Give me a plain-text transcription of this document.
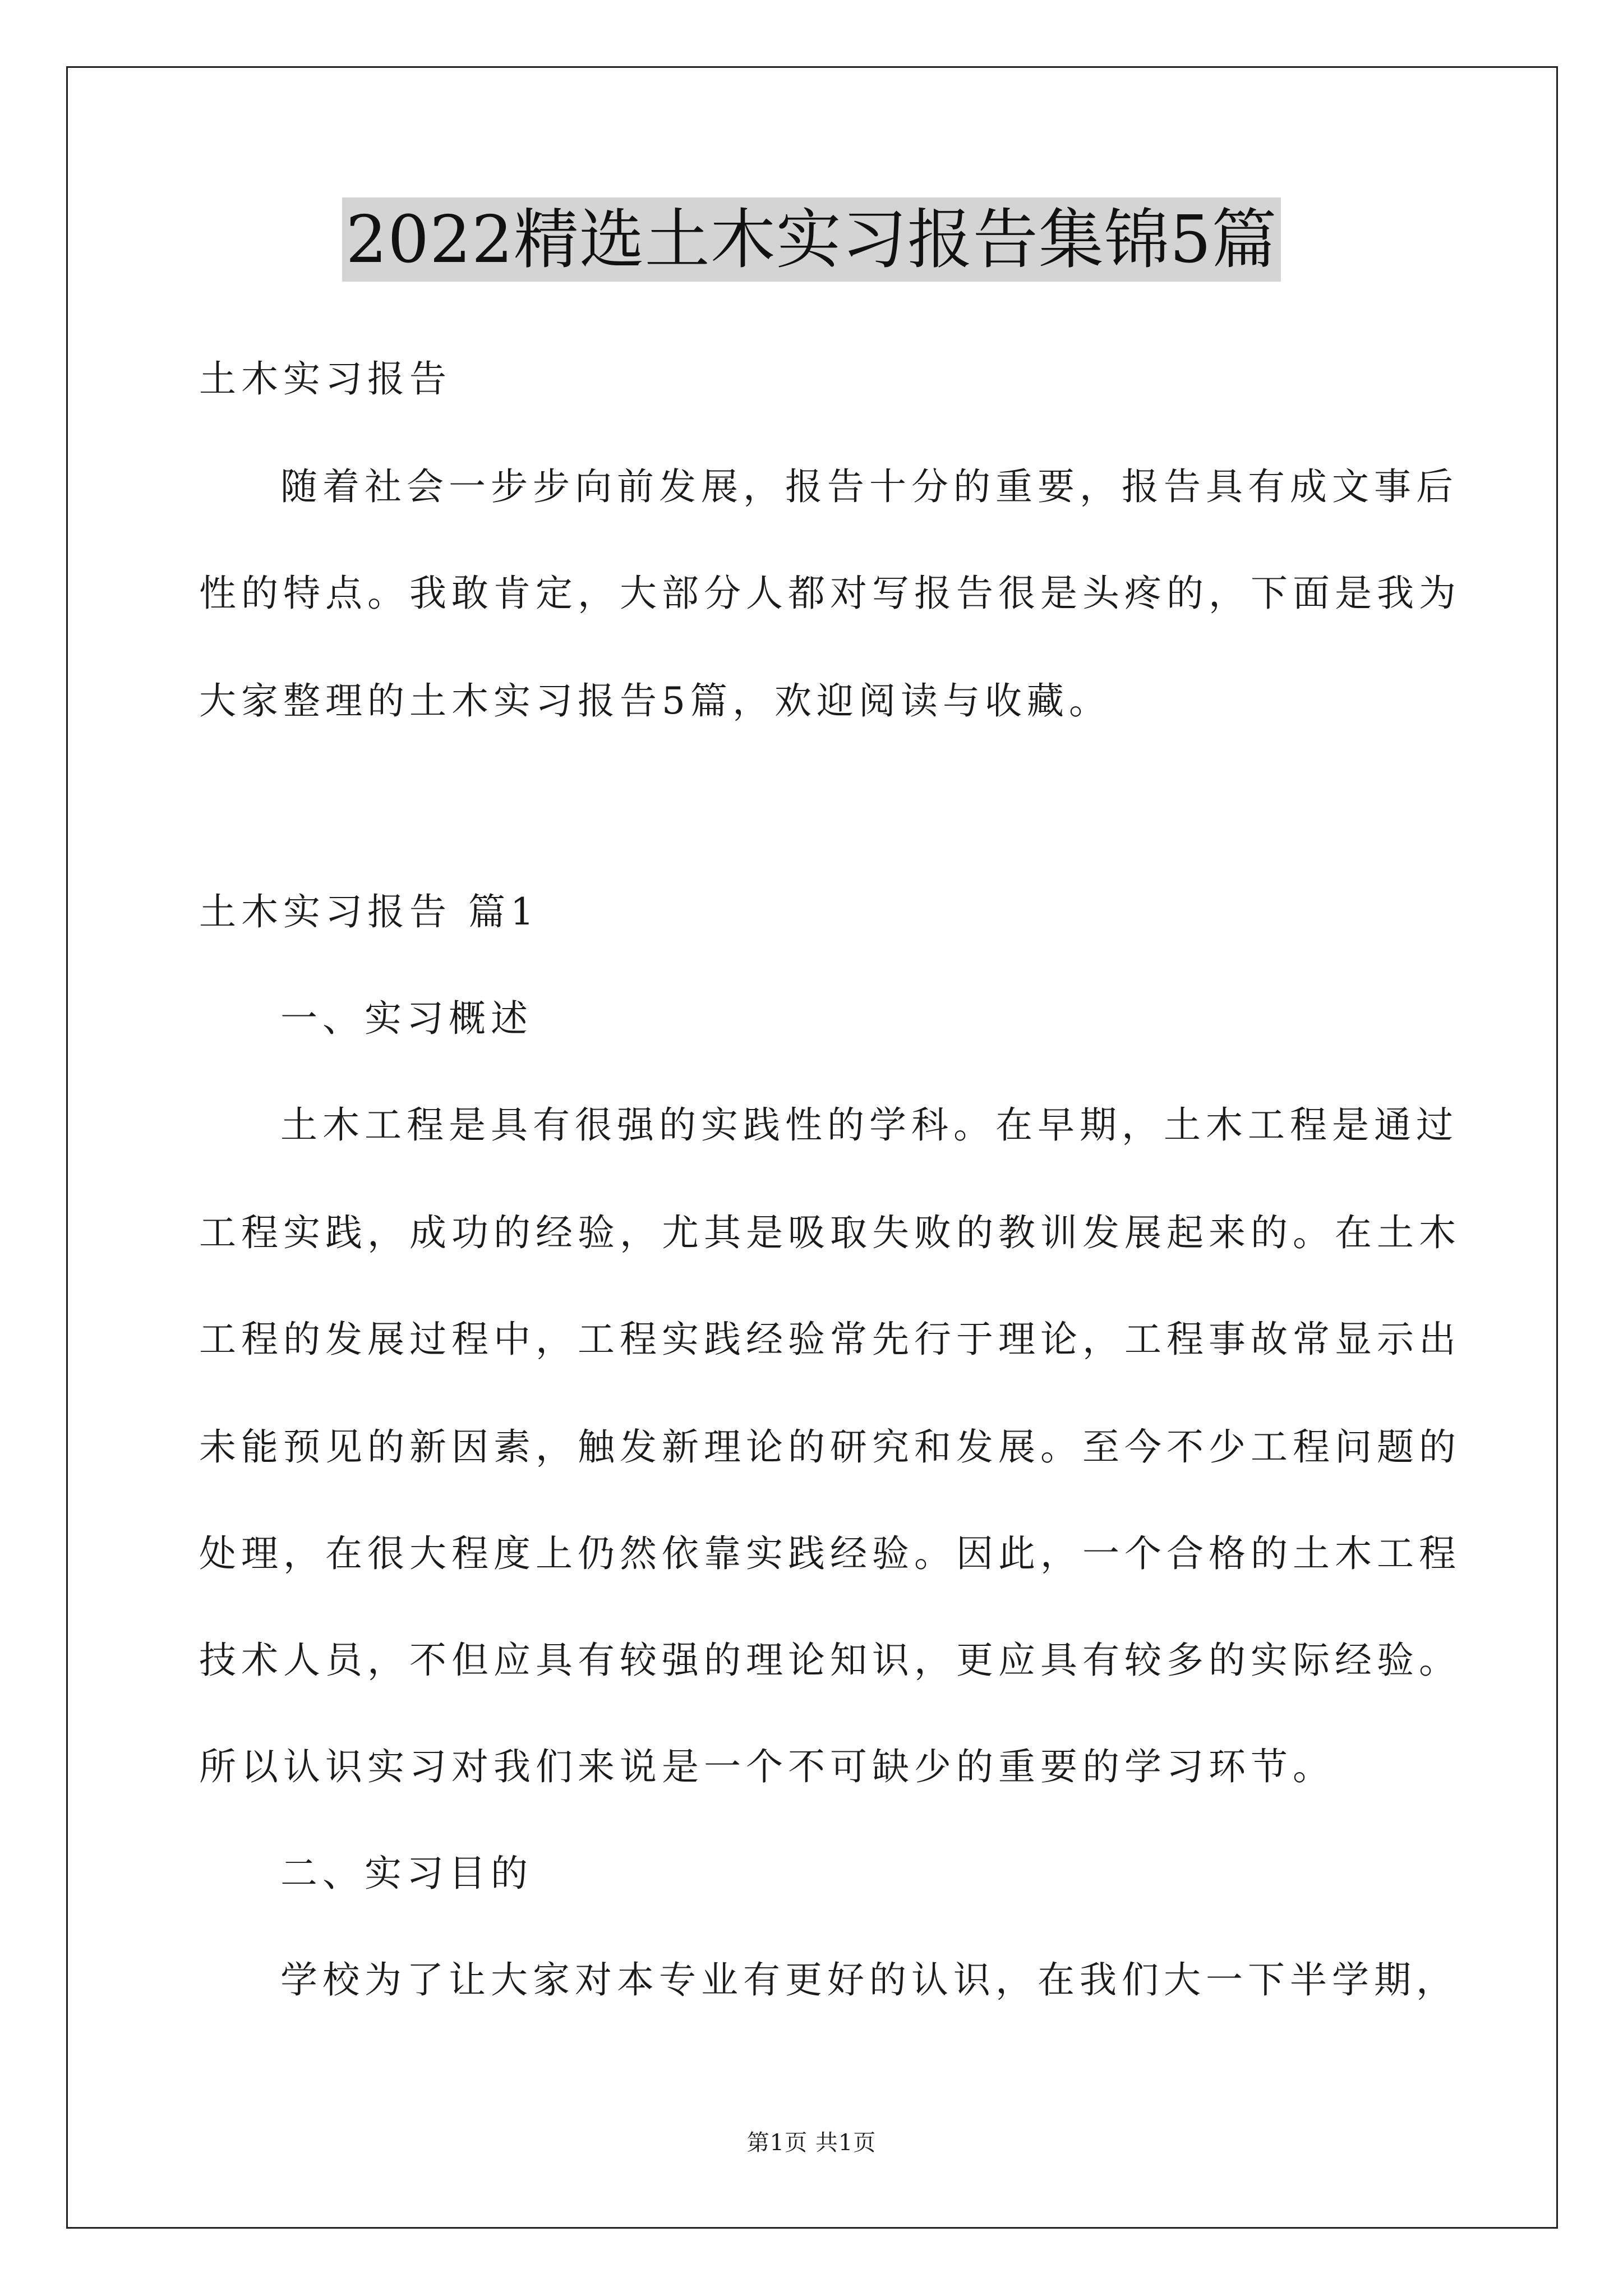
2022精选土木实习报告集锦5篇
土木实习报告
随着社会一步步向前发展，报告十分的重要，报告具有成文事后
性的特点。我敢肯定，大部分人都对写报告很是头疼的，下面是我为
大家整理的土木实习报告5篇，欢迎阅读与收藏。
土木实习报告 篇1
一、实习概述
土木工程是具有很强的实践性的学科。在早期，土木工程是通过
工程实践，成功的经验，尤其是吸取失败的教训发展起来的。在土木
工程的发展过程中，工程实践经验常先行于理论，工程事故常显示出
未能预见的新因素，触发新理论的研究和发展。至今不少工程问题的
处理，在很大程度上仍然依靠实践经验。因此，一个合格的土木工程
技术人员，不但应具有较强的理论知识，更应具有较多的实际经验。
所以认识实习对我们来说是一个不可缺少的重要的学习环节。
二、实习目的
学校为了让大家对本专业有更好的认识，在我们大一下半学期，
第1页 共1页
